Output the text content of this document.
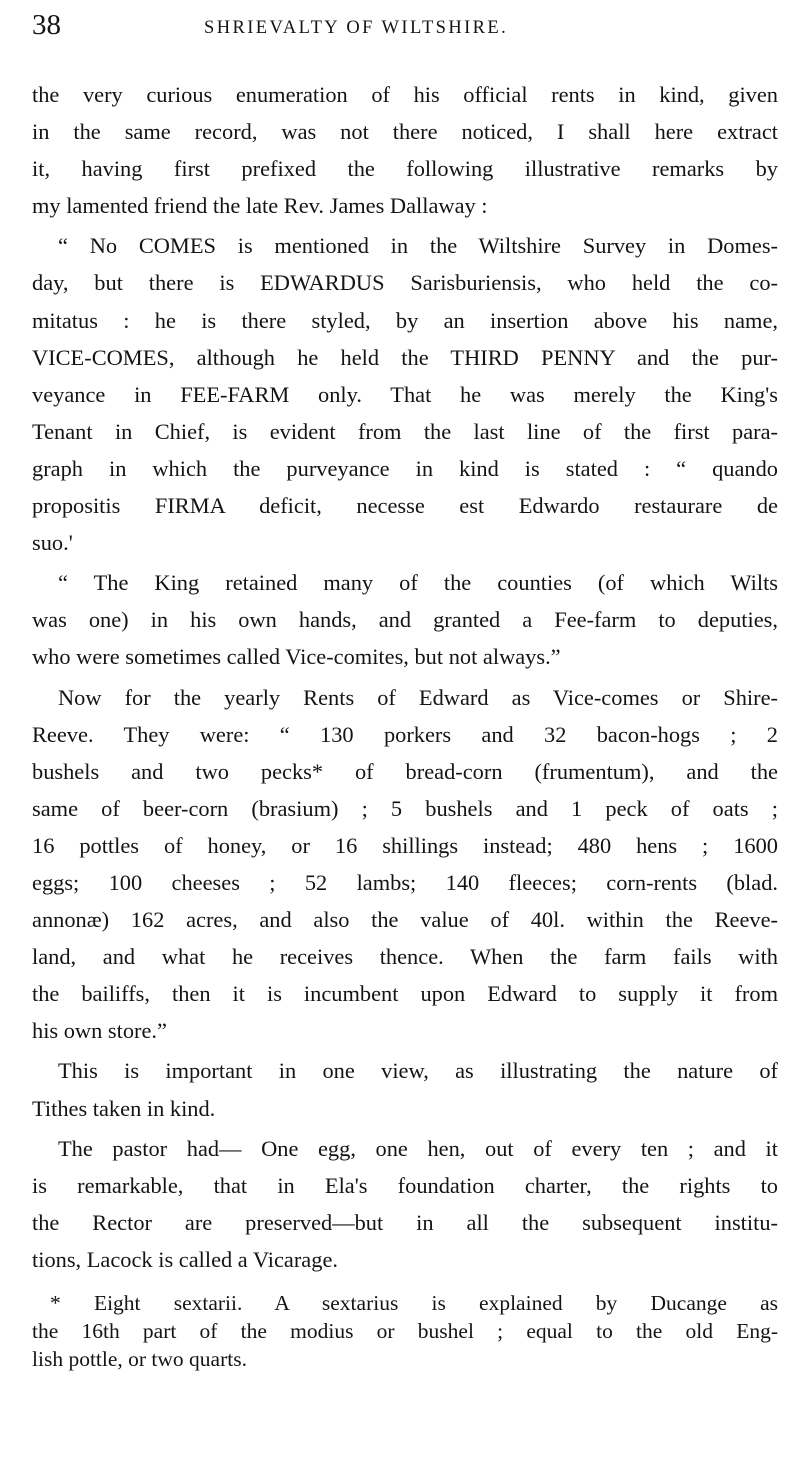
38	SHRIEVALTY OF WILTSHIRE.
the very curious enumeration of his official rents in kind, given
in the same record, was not there noticed, I shall here extract
it, having first prefixed the following illustrative remarks by
my lamented friend the late Rev. James Dallaway :
“ No COMES is mentioned in the Wiltshire Survey in Domes-
day, but there is EDWARDUS Sarisburiensis, who held the co-
mitatus : he is there styled, by an insertion above his name,
VICE-COMES, although he held the THIRD PENNY and the pur-
veyance in FEE-FARM only. That he was merely the King's
Tenant in Chief, is evident from the last line of the first para-
graph in which the purveyance in kind is stated : “ quando
propositis FIRMA deficit, necesse est Edwardo restaurare de
suo.'
“ The King retained many of the counties (of which Wilts
was one) in his own hands, and granted a Fee-farm to deputies,
who were sometimes called Vice-comites, but not always.”
Now for the yearly Rents of Edward as Vice-comes or Shire-
Reeve. They were: “ 130 porkers and 32 bacon-hogs ; 2
bushels and two pecks* of bread-corn (frumentum), and the
same of beer-corn (brasium) ; 5 bushels and 1 peck of oats ;
16 pottles of honey, or 16 shillings instead; 480 hens ; 1600
eggs; 100 cheeses ; 52 lambs; 140 fleeces; corn-rents (blad.
annonæ) 162 acres, and also the value of 40l. within the Reeve-
land, and what he receives thence. When the farm fails with
the bailiffs, then it is incumbent upon Edward to supply it from
his own store.”
This is important in one view, as illustrating the nature of
Tithes taken in kind.
The pastor had— One egg, one hen, out of every ten ; and it
is remarkable, that in Ela's foundation charter, the rights to
the Rector are preserved—but in all the subsequent institu-
tions, Lacock is called a Vicarage.
* Eight sextarii. A sextarius is explained by Ducange as
the 16th part of the modius or bushel ; equal to the old Eng-
lish pottle, or two quarts.
